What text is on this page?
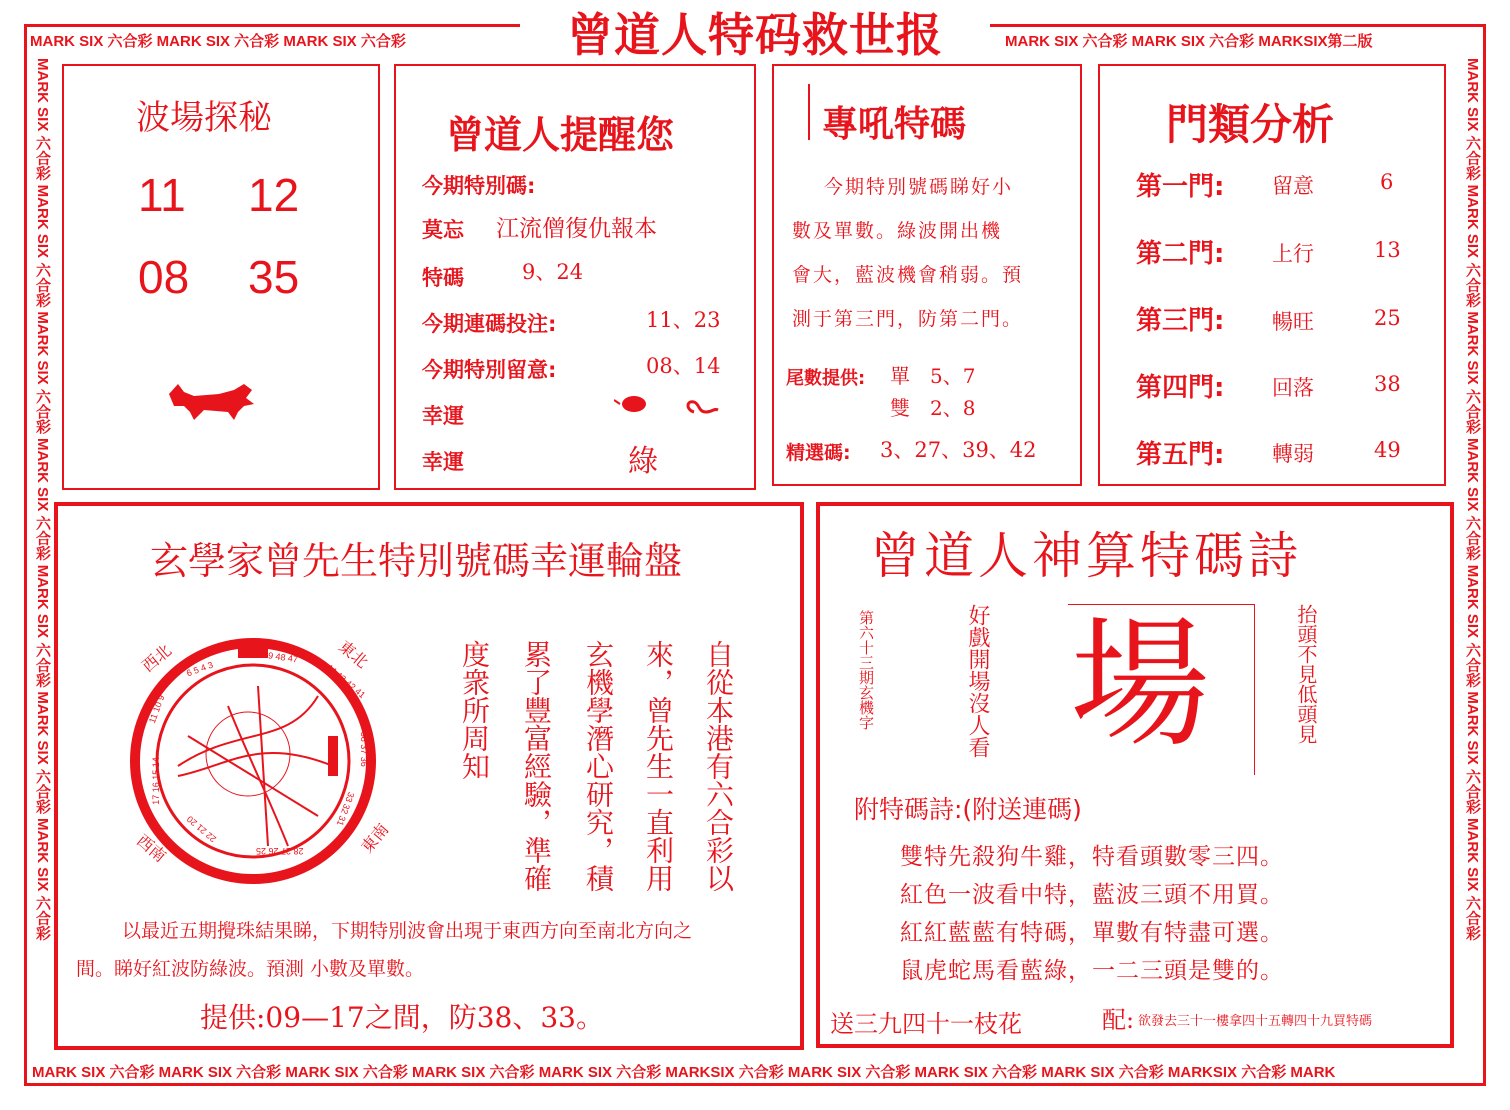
MARK SIX 六合彩 MARK SIX 六合彩 MARK SIX 六合彩	MARK SIX 六合彩 MARK SIX 六合彩 MARKSIX第二版
MARK SIX 六合彩 MARK SIX 六合彩 MARK SIX 六合彩 MARK SIX 六合彩 MARK SIX 六合彩 MARKSIX 六合彩 MARK SIX 六合彩 MARK SIX 六合彩 MARK SIX 六合彩 MARKSIX 六合彩 MARK
MARK SIX 六合彩 MARK SIX 六合彩 MARK SIX 六合彩 MARK SIX 六合彩 MARK SIX 六合彩 MARK SIX 六合彩 MARK SIX 六合彩	MARK SIX 六合彩 MARK SIX 六合彩 MARK SIX 六合彩 MARK SIX 六合彩 MARK SIX 六合彩 MARK SIX 六合彩 MARK SIX 六合彩
曾道人特码救世报
波場探秘
11 12
08 35
曾道人提醒您
今期特別碼:
莫忘 江流僧復仇報本
特碼	9、24
今期連碼投注:	11、23
今期特別留意:	08、14
幸運
幸運	綠
專吼特碼
今期特別號碼睇好小
數及單數。綠波開出機
會大，藍波機會稍弱。預
測于第三門，防第二門。
尾數提供: 單　5、7
雙　2、8
精選碼: 3、27、39、42
門類分析
第一門: 留意	6
第二門: 上行	13
第三門: 暢旺	25
第四門: 回落	38
第五門: 轉弱	49
玄學家曾先生特別號碼幸運輪盤
49 48 47
44 43 42 41
39 38 37 36
33 32 31
28 27 26 25
22 21 20
17 16 15 14
11 10 9
6 5 4 3
西北	東北
西南	東南	自從本港有六合彩以
來，曾先生一直利用
玄機學潛心研究，積
累了豐富經驗，準確
度衆所周知
以最近五期攪珠結果睇，下期特別波會出現于東西方向至南北方向之
間。睇好紅波防綠波。預測 小數及單數。
提供:09—17之間，防38、33。
曾道人神算特碼詩
第六十三期玄機字	好戲開場沒人看 場	抬頭不見低頭見
附特碼詩:(附送連碼)
雙特先殺狗牛雞，特看頭數零三四。
紅色一波看中特，藍波三頭不用買。
紅紅藍藍有特碼，單數有特盡可選。
鼠虎蛇馬看藍綠，一二三頭是雙的。
送三九四十一枝花	配: 欲發去三十一樓拿四十五轉四十九買特碼
